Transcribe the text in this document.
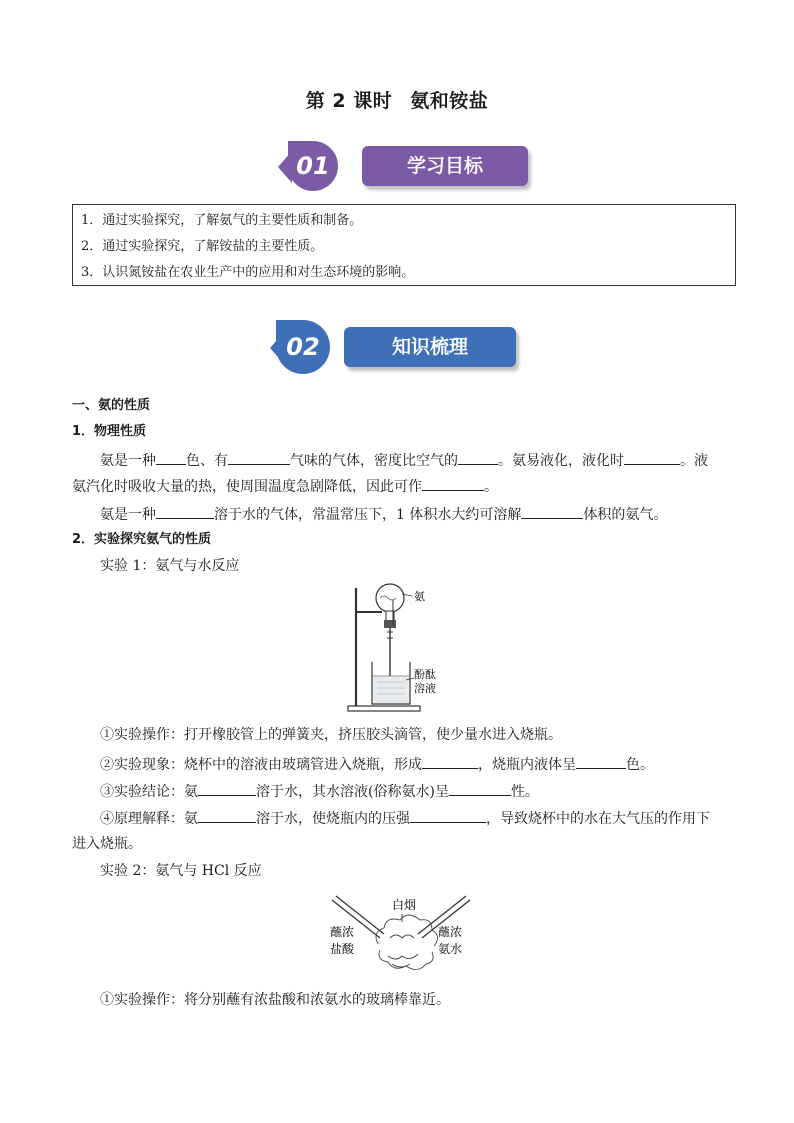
第 2 课时 氨和铵盐
学习目标
01
1．通过实验探究，了解氨气的主要性质和制备。
2．通过实验探究，了解铵盐的主要性质。
3．认识氮铵盐在农业生产中的应用和对生态环境的影响。
知识梳理
02
一、氨的性质
1．物理性质
氨是一种 色、有	气味的气体，密度比空气的	。氨易液化，液化时	。液
氨汽化时吸收大量的热，使周围温度急剧降低，因此可作	。
氨是一种	溶于水的气体，常温常压下，1 体积水大约可溶解	体积的氨气。
2．实验探究氨气的性质
实验 1：氨气与水反应
氨
酚酞
溶液
①实验操作：打开橡胶管上的弹簧夹，挤压胶头滴管，使少量水进入烧瓶。
②实验现象：烧杯中的溶液由玻璃管进入烧瓶，形成	，烧瓶内液体呈	色。
③实验结论：氨	溶于水，其水溶液(俗称氨水)呈	性。
④原理解释：氨	溶于水，使烧瓶内的压强	，导致烧杯中的水在大气压的作用下
进入烧瓶。
实验 2：氨气与 HCl 反应
白烟
蘸浓
盐酸
蘸浓
氨水
①实验操作：将分别蘸有浓盐酸和浓氨水的玻璃棒靠近。
